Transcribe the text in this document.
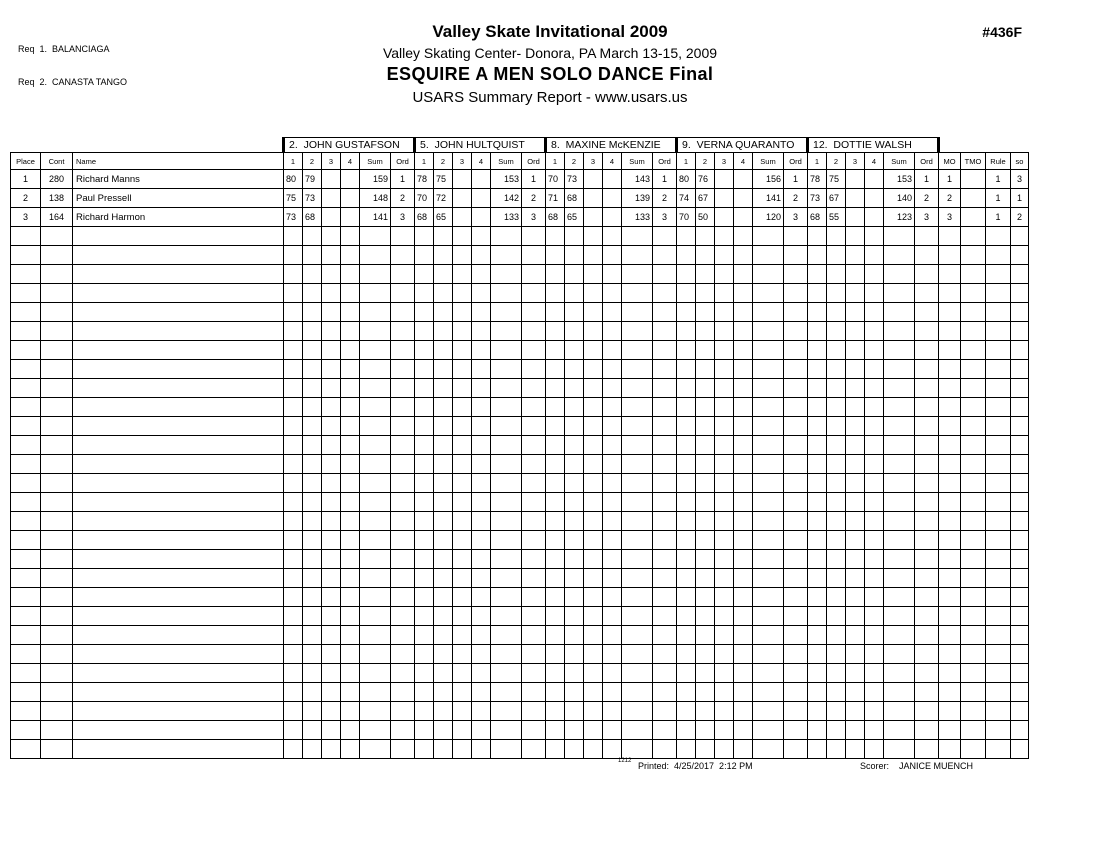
Req  1.  BALANCIAGA

Req  2.  CANASTA TANGO

Valley Skate Invitational 2009
Valley Skating Center- Donora, PA March 13-15, 2009
ESQUIRE A MEN SOLO DANCE Final
USARS Summary Report - www.usars.us
#436F
			2.  JOHN GUSTAFSON						5.  JOHN HULTQUIST						8.  MAXINE McKENZIE						9.  VERNA QUARANTO						12.  DOTTIE WALSH									
Place	Cont	Name	1	2	3	4	Sum	Ord	1	2	3	4	Sum	Ord	1	2	3	4	Sum	Ord	1	2	3	4	Sum	Ord	1	2	3	4	Sum	Ord	MO	TMO	Rule	so
1	280	Richard Manns	80	79			159	1	78	75			153	1	70	73			143	1	80	76			156	1	78	75			153	1	1		1	3
2	138	Paul Pressell	75	73			148	2	70	72			142	2	71	68			139	2	74	67			141	2	73	67			140	2	2		1	1
3	164	Richard Harmon	73	68			141	3	68	65			133	3	68	65			133	3	70	50			120	3	68	55			123	3	3		1	2

1212 Printed:  4/25/2017  2:12 PM	Scorer: JANICE MUENCH
